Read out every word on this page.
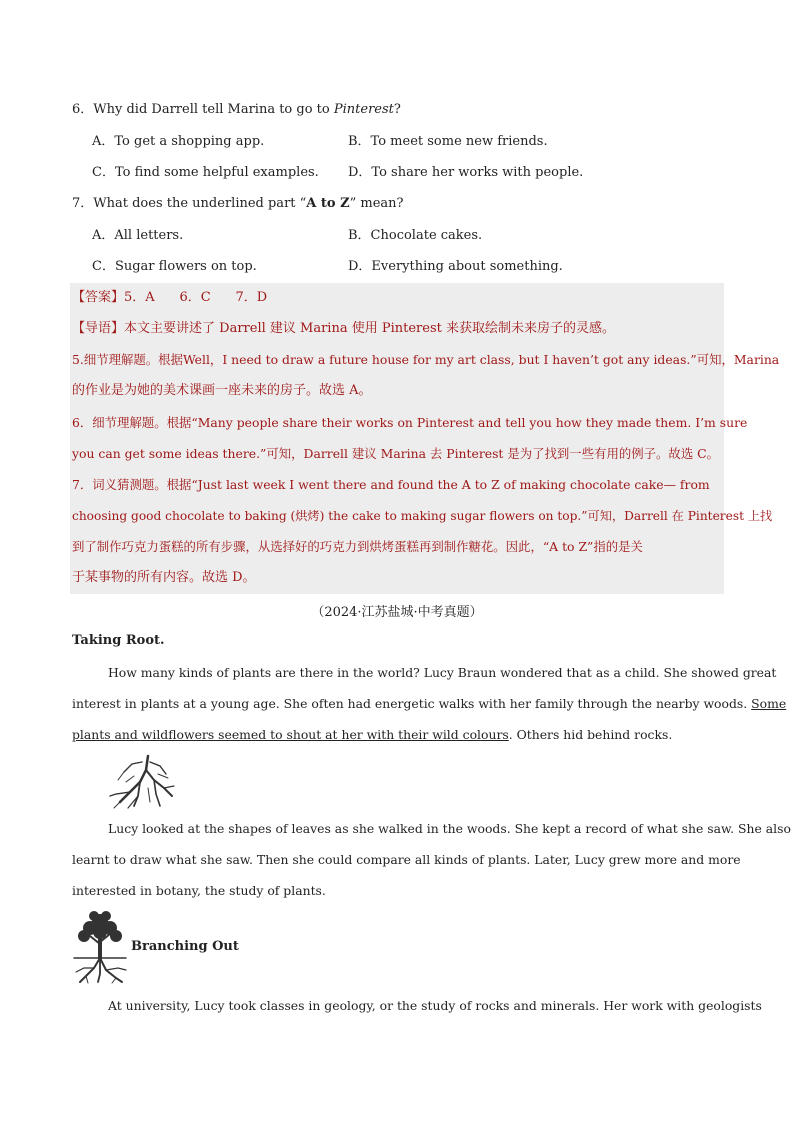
6．Why did Darrell tell Marina to go to Pinterest?
A．To get a shopping app.	B．To meet some new friends.
C．To find some helpful examples. D．To share her works with people.
7．What does the underlined part “A to Z” mean?
A．All letters.	B．Chocolate cakes.
C．Sugar flowers on top.	D．Everything about something.
【答案】5．A      6．C      7．D
【导语】本文主要讲述了 Darrell 建议 Marina 使用 Pinterest 来获取绘制未来房子的灵感。
5.细节理解题。根据Well，I need to draw a future house for my art class, but I haven’t got any ideas.”可知，Marina
的作业是为她的美术课画一座未来的房子。故选 A。
6．细节理解题。根据“Many people share their works on Pinterest and tell you how they made them. I’m sure
you can get some ideas there.”可知，Darrell 建议 Marina 去 Pinterest 是为了找到一些有用的例子。故选 C。
7．词义猜测题。根据“Just last week I went there and found the A to Z of making chocolate cake— from
choosing good chocolate to baking (烘烤) the cake to making sugar flowers on top.”可知，Darrell 在 Pinterest 上找
到了制作巧克力蛋糕的所有步骤，从选择好的巧克力到烘烤蛋糕再到制作糖花。因此，“A to Z”指的是关
于某事物的所有内容。故选 D。
（2024·江苏盐城·中考真题）
Taking Root.
How many kinds of plants are there in the world? Lucy Braun wondered that as a child. She showed great
interest in plants at a young age. She often had energetic walks with her family through the nearby woods. Some
plants and wildflowers seemed to shout at her with their wild colours. Others hid behind rocks.
Lucy looked at the shapes of leaves as she walked in the woods. She kept a record of what she saw. She also
learnt to draw what she saw. Then she could compare all kinds of plants. Later, Lucy grew more and more
interested in botany, the study of plants.
Branching Out
At university, Lucy took classes in geology, or the study of rocks and minerals. Her work with geologists
